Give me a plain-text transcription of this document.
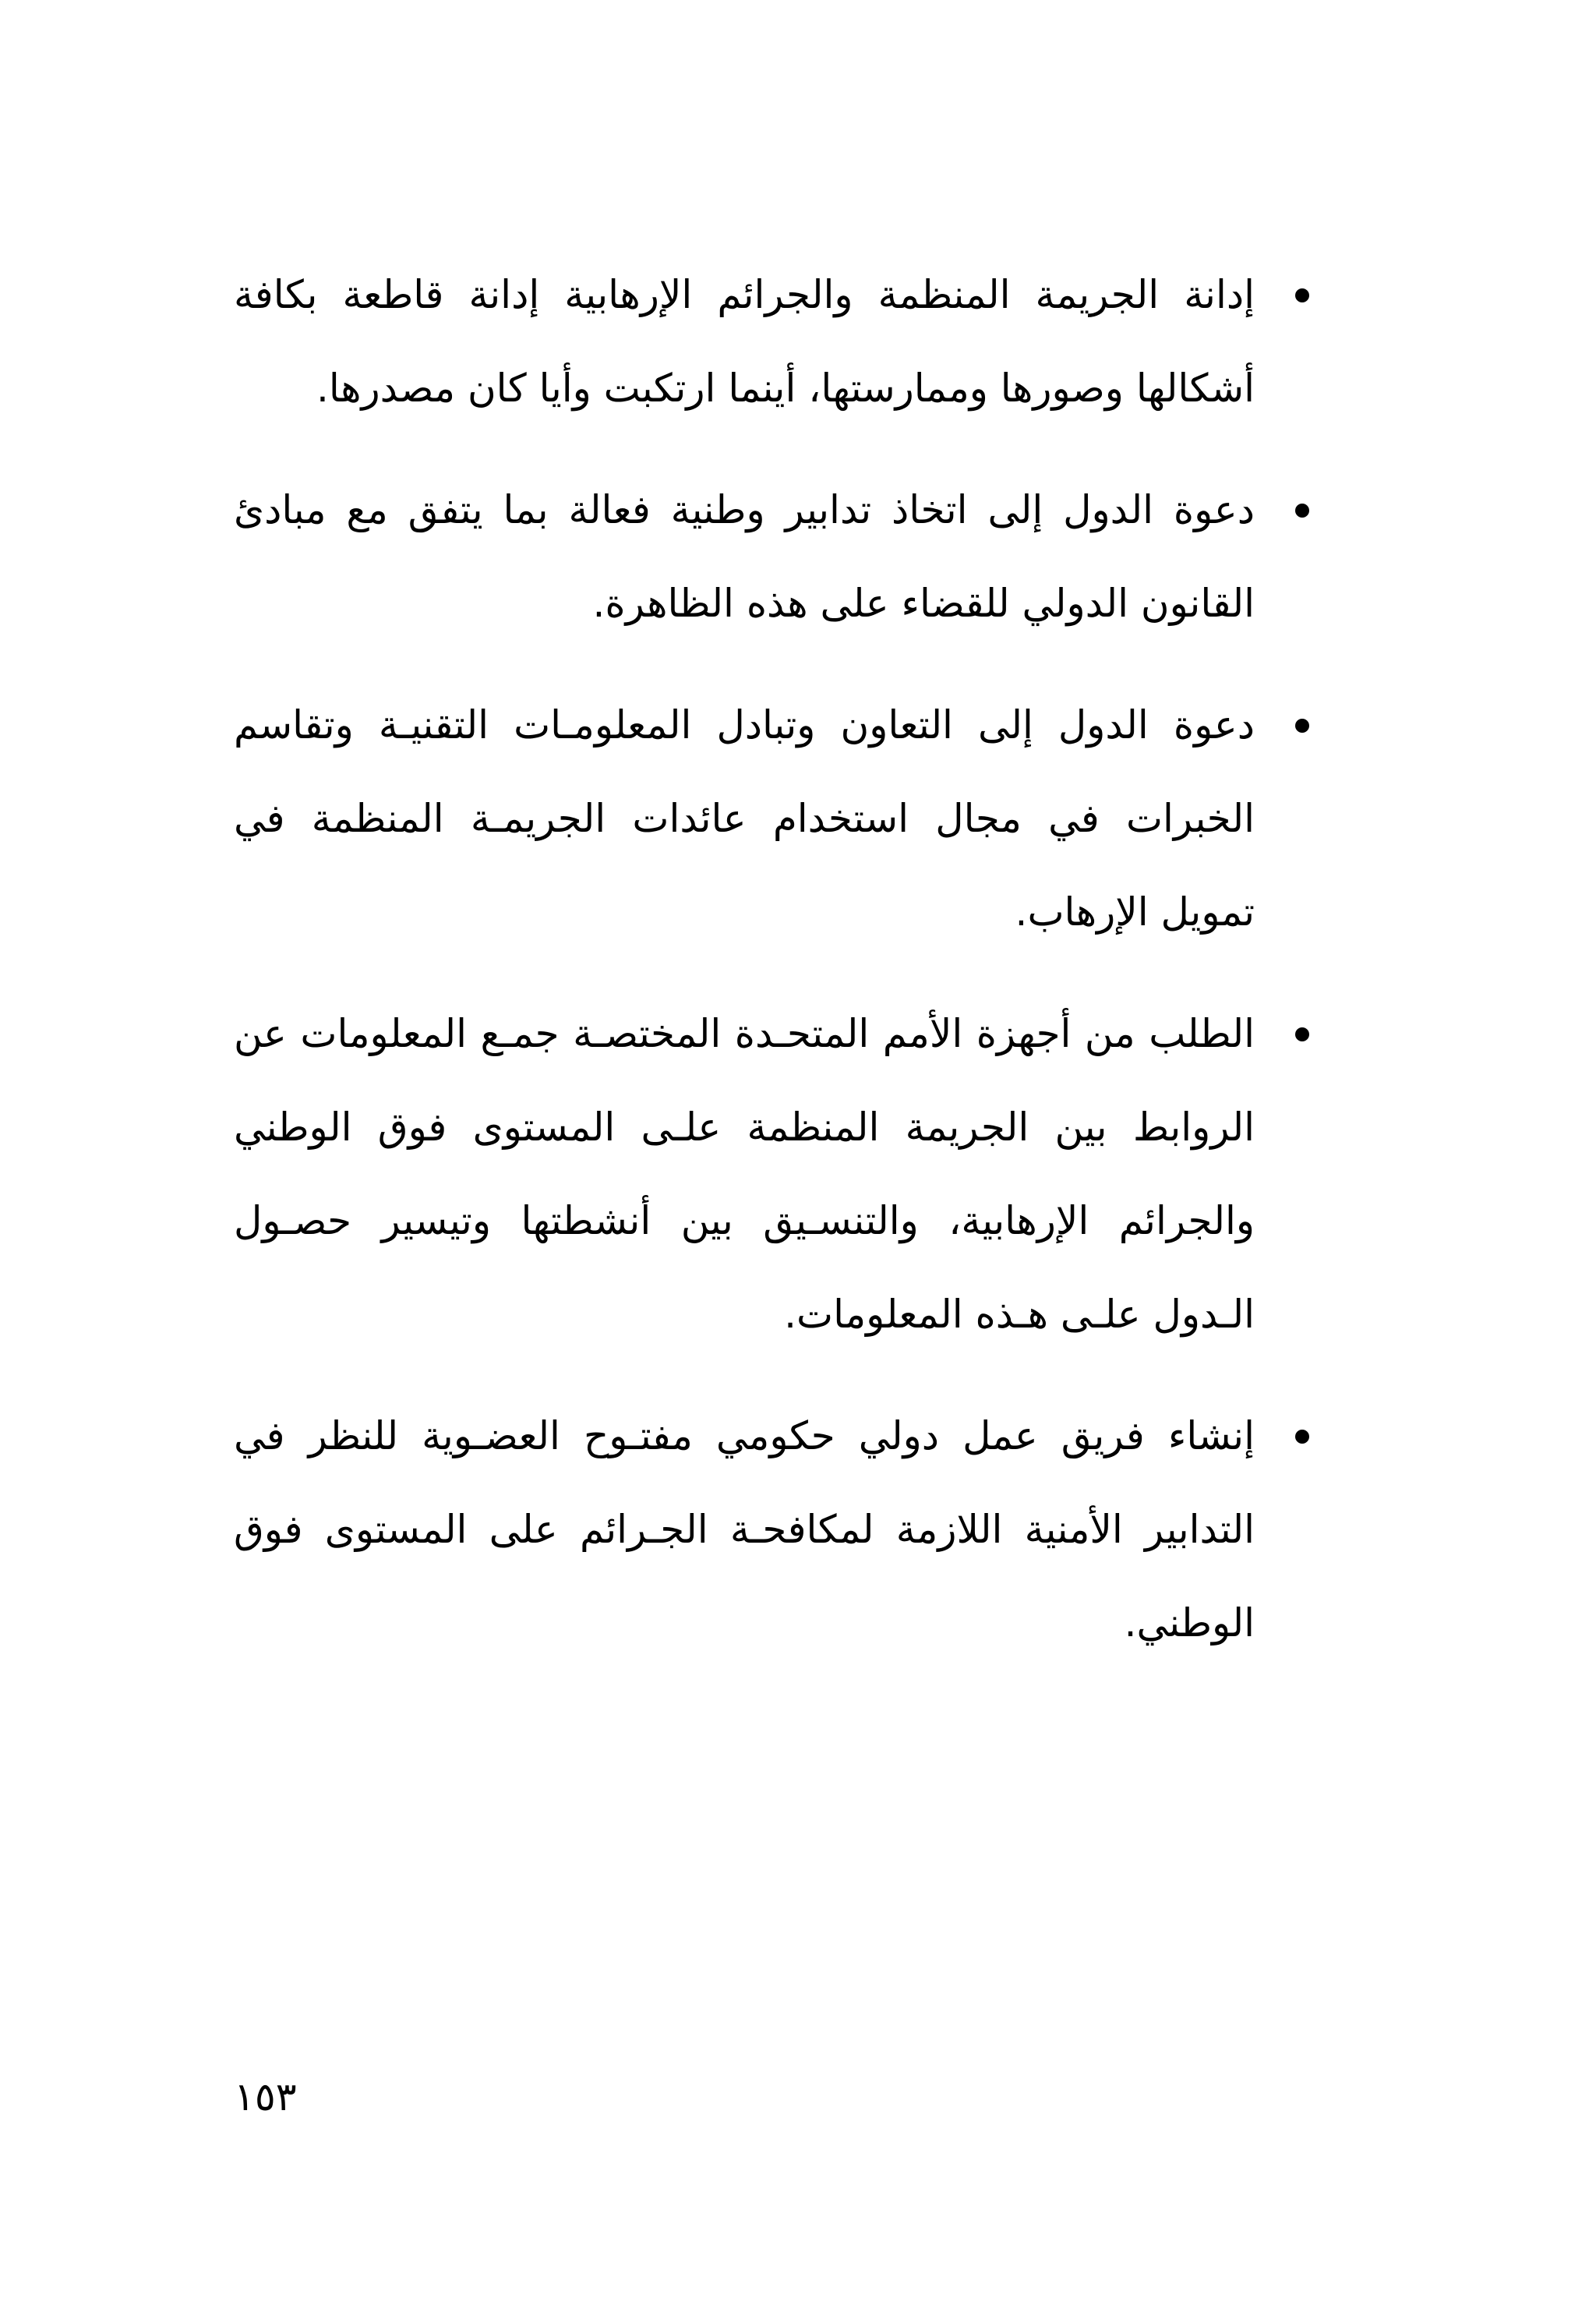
إدانة الجريمة المنظمة والجرائم الإرهابية إدانة قاطعة بكافة أشكالها وصورها وممارستها، أينما ارتكبت وأيا كان مصدرها.
دعوة الدول إلى اتخاذ تدابير وطنية فعالة بما يتفق مع مبادئ القانون الدولي للقضاء على هذه الظاهرة.
دعوة الدول إلى التعاون وتبادل المعلومـات التقنيـة وتقاسم الخبرات في مجال استخدام عائدات الجريمـة المنظمة في تمويل الإرهاب.
الطلب من أجهزة الأمم المتحـدة المختصـة جمـع المعلومات عن الروابط بين الجريمة المنظمة علـى المستوى فوق الوطني والجرائم الإرهابية، والتنسـيق بين أنشطتها وتيسير حصـول الـدول علـى هـذه المعلومات.
إنشاء فريق عمل دولي حكومي مفتـوح العضـوية للنظر في التدابير الأمنية اللازمة لمكافحـة الجـرائم على المستوى فوق الوطني.
١٥٣
